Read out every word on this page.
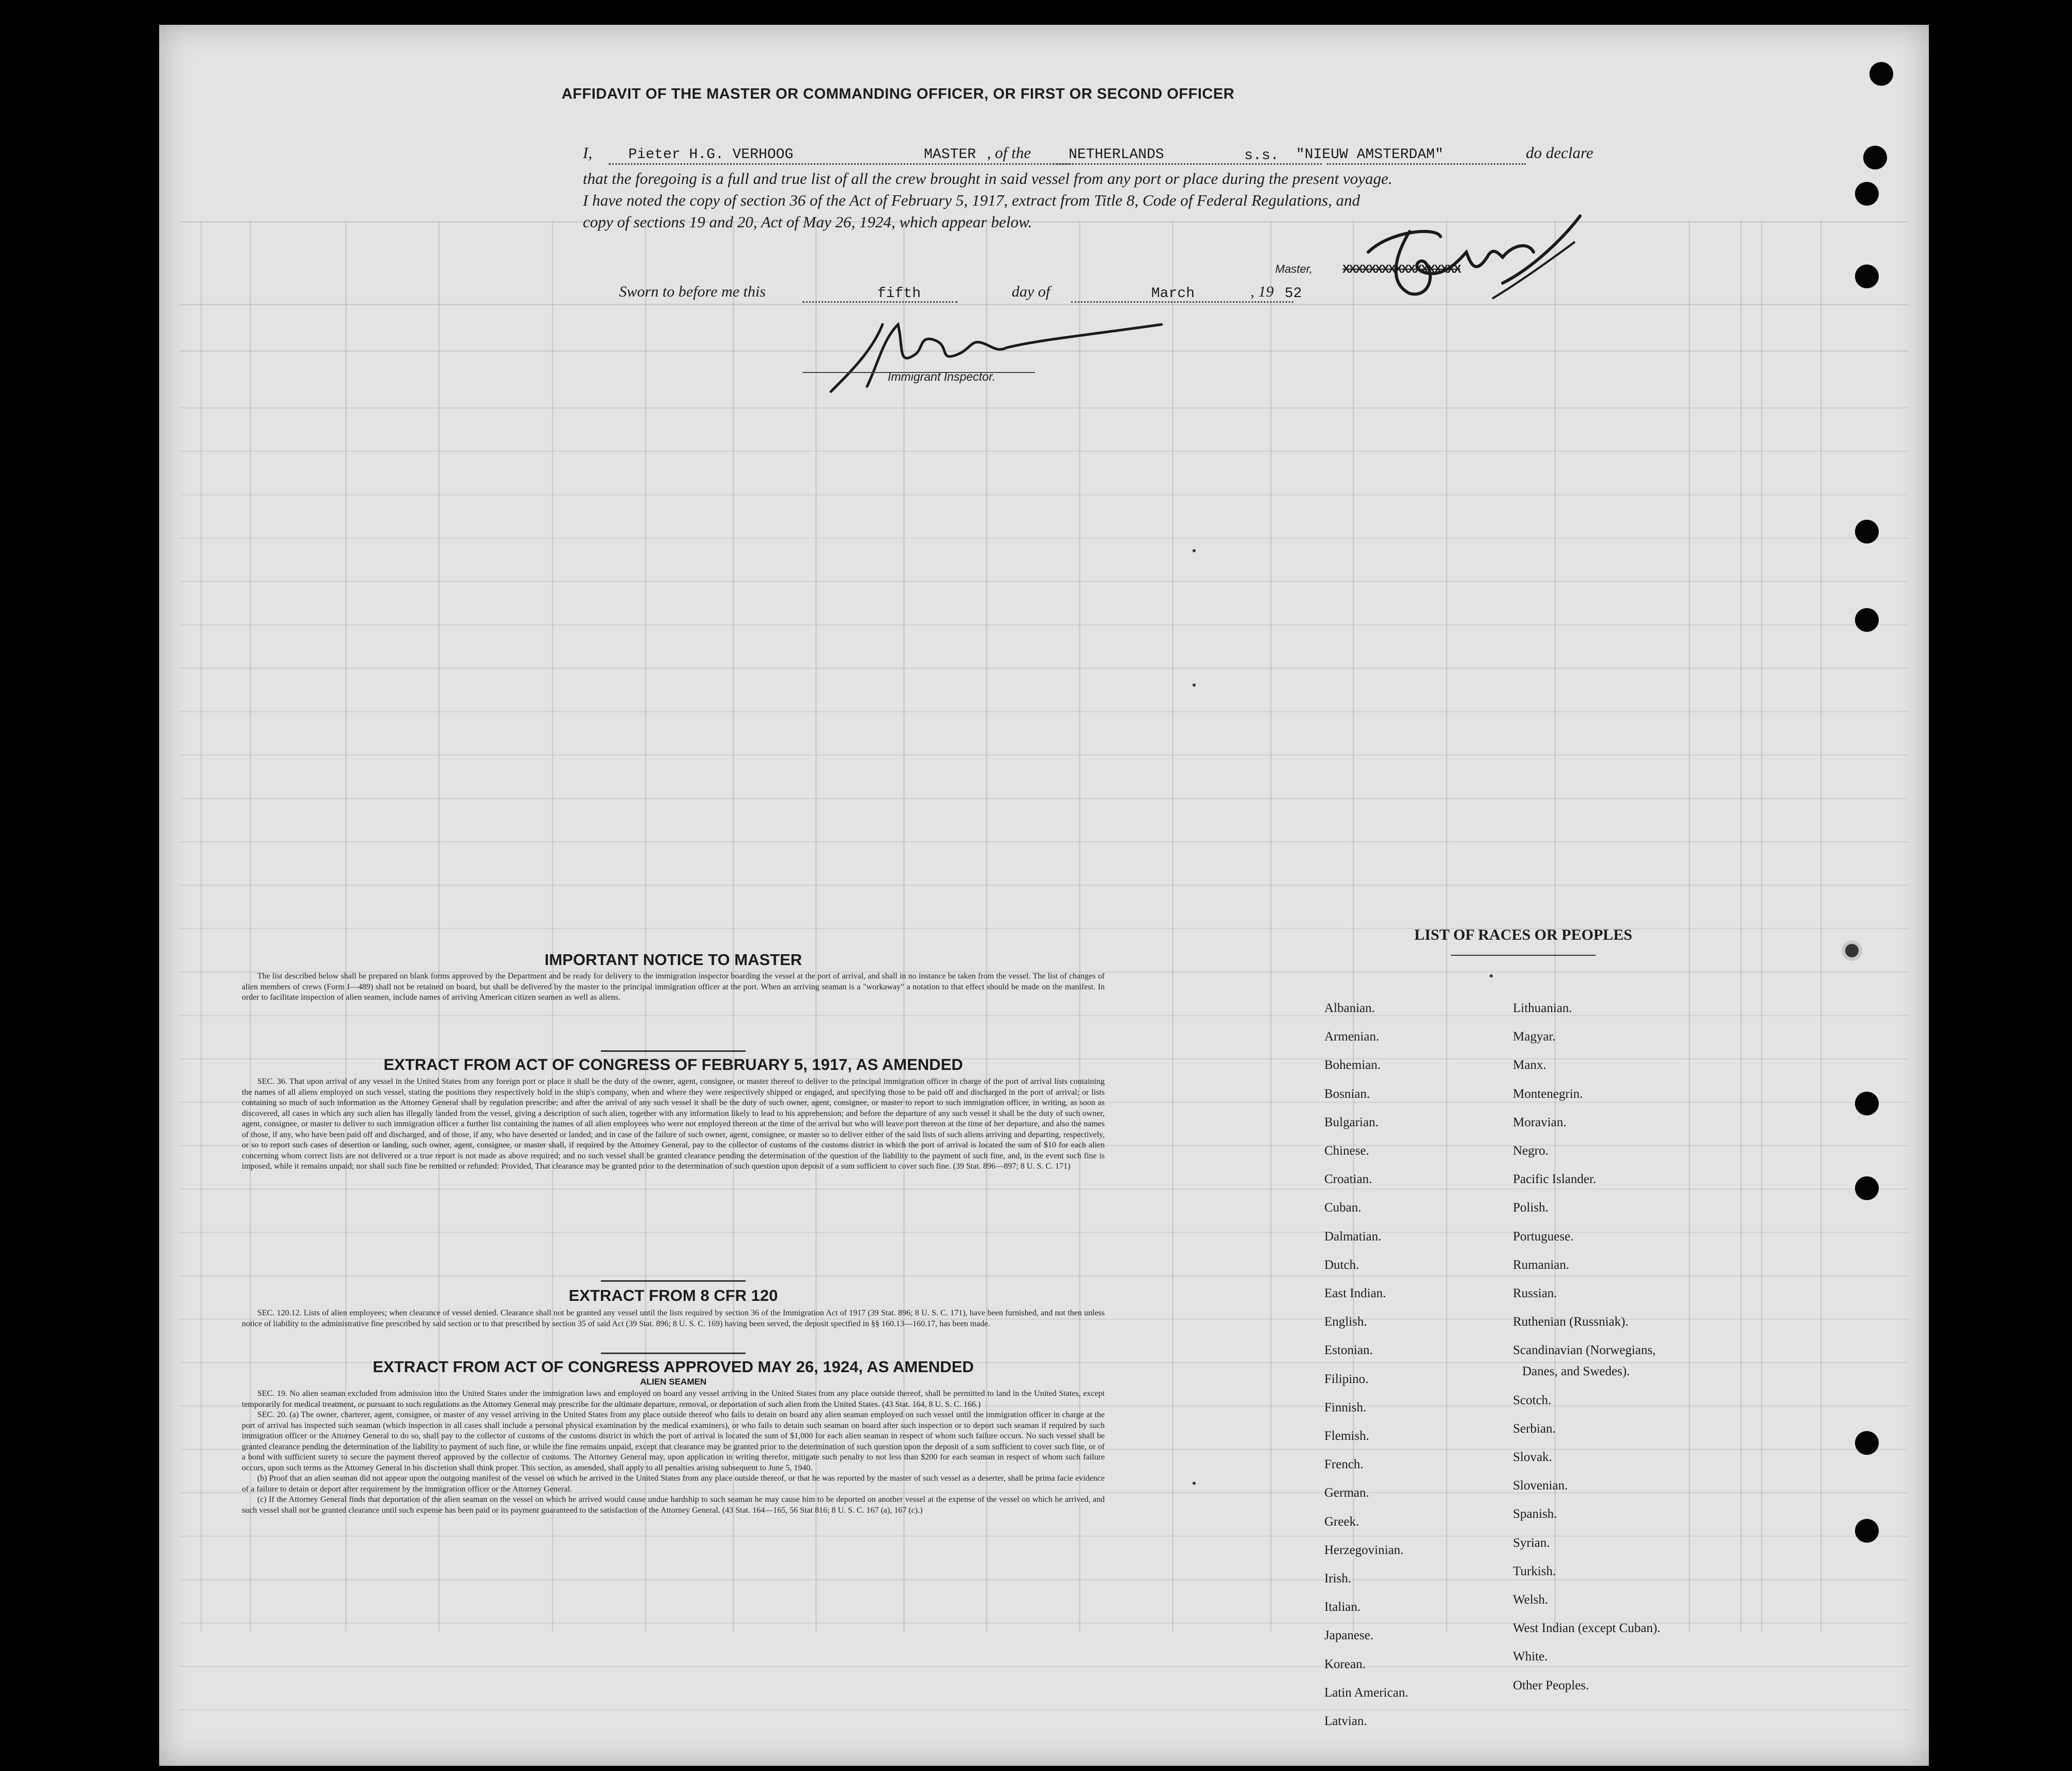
AFFIDAVIT OF THE MASTER OR COMMANDING OFFICER, OR FIRST OR SECOND OFFICER
I, Pieter H.G. VERHOOG	MASTER , of the	NETHERLANDS	s.s. "NIEUW AMSTERDAM"	do declare
that the foregoing is a full and true list of all the crew brought in said vessel from any port or place during the present voyage.
I have noted the copy of section 36 of the Act of February 5, 1917, extract from Title 8, Code of Federal Regulations, and
copy of sections 19 and 20, Act of May 26, 1924, which appear below.
Master,	XXXXXXXXXXXXXXXXXX
Sworn to before me this	fifth	day of	March	, 19 52
Immigrant Inspector.
IMPORTANT NOTICE TO MASTER

The list described below shall be prepared on blank forms approved by the Department and be ready for delivery to the immigration inspector boarding the vessel at the port of arrival, and shall in no instance be taken from the vessel. The list of changes of alien members of crews (Form I—489) shall not be retained on board, but shall be delivered by the master to the principal immigration officer at the port. When an arriving seaman is a "workaway" a notation to that effect should be made on the manifest. In order to facilitate inspection of alien seamen, include names of arriving American citizen seamen as well as aliens.

EXTRACT FROM ACT OF CONGRESS OF FEBRUARY 5, 1917, AS AMENDED

SEC. 36. That upon arrival of any vessel in the United States from any foreign port or place it shall be the duty of the owner, agent, consignee, or master thereof to deliver to the principal immigration officer in charge of the port of arrival lists containing the names of all aliens employed on such vessel, stating the positions they respectively hold in the ship's company, when and where they were respectively shipped or engaged, and specifying those to be paid off and discharged in the port of arrival; or lists containing so much of such information as the Attorney General shall by regulation prescribe; and after the arrival of any such vessel it shall be the duty of such owner, agent, consignee, or master to report to such immigration officer, in writing, as soon as discovered, all cases in which any such alien has illegally landed from the vessel, giving a description of such alien, together with any information likely to lead to his apprehension; and before the departure of any such vessel it shall be the duty of such owner, agent, consignee, or master to deliver to such immigration officer a further list containing the names of all alien employees who were not employed thereon at the time of the arrival but who will leave port thereon at the time of her departure, and also the names of those, if any, who have been paid off and discharged, and of those, if any, who have deserted or landed; and in case of the failure of such owner, agent, consignee, or master so to deliver either of the said lists of such aliens arriving and departing, respectively, or so to report such cases of desertion or landing, such owner, agent, consignee, or master shall, if required by the Attorney General, pay to the collector of customs of the customs district in which the port of arrival is located the sum of $10 for each alien concerning whom correct lists are not delivered or a true report is not made as above required; and no such vessel shall be granted clearance pending the determination of the question of the liability to the payment of such fine, and, in the event such fine is imposed, while it remains unpaid; nor shall such fine be remitted or refunded: Provided, That clearance may be granted prior to the determination of such question upon deposit of a sum sufficient to cover such fine. (39 Stat. 896—897; 8 U. S. C. 171)

EXTRACT FROM 8 CFR 120

SEC. 120.12. Lists of alien employees; when clearance of vessel denied. Clearance shall not be granted any vessel until the lists required by section 36 of the Immigration Act of 1917 (39 Stat. 896; 8 U. S. C. 171), have been furnished, and not then unless notice of liability to the administrative fine prescribed by said section or to that prescribed by section 35 of said Act (39 Stat. 896; 8 U. S. C. 169) having been served, the deposit specified in §§ 160.13—160.17, has been made.

EXTRACT FROM ACT OF CONGRESS APPROVED MAY 26, 1924, AS AMENDED
ALIEN SEAMEN

SEC. 19. No alien seaman excluded from admission into the United States under the immigration laws and employed on board any vessel arriving in the United States from any place outside thereof, shall be permitted to land in the United States, except temporarily for medical treatment, or pursuant to such regulations as the Attorney General may prescribe for the ultimate departure, removal, or deportation of such alien from the United States. (43 Stat. 164, 8 U. S. C. 166.)

SEC. 20. (a) The owner, charterer, agent, consignee, or master of any vessel arriving in the United States from any place outside thereof who fails to detain on board any alien seaman employed on such vessel until the immigration officer in charge at the port of arrival has inspected such seaman (which inspection in all cases shall include a personal physical examination by the medical examiners), or who fails to detain such seaman on board after such inspection or to deport such seaman if required by such immigration officer or the Attorney General to do so, shall pay to the collector of customs of the customs district in which the port of arrival is located the sum of $1,000 for each alien seaman in respect of whom such failure occurs. No such vessel shall be granted clearance pending the determination of the liability to payment of such fine, or while the fine remains unpaid, except that clearance may be granted prior to the determination of such question upon the deposit of a sum sufficient to cover such fine, or of a bond with sufficient surety to secure the payment thereof approved by the collector of customs. The Attorney General may, upon application in writing therefor, mitigate such penalty to not less than $200 for each seaman in respect of whom such failure occurs, upon such terms as the Attorney General in his discretion shall think proper. This section, as amended, shall apply to all penalties arising subsequent to June 5, 1940.

(b) Proof that an alien seaman did not appear upon the outgoing manifest of the vessel on which he arrived in the United States from any place outside thereof, or that he was reported by the master of such vessel as a deserter, shall be prima facie evidence of a failure to detain or deport after requirement by the immigration officer or the Attorney General.

(c) If the Attorney General finds that deportation of the alien seaman on the vessel on which he arrived would cause undue hardship to such seaman he may cause him to be deported on another vessel at the expense of the vessel on which he arrived, and such vessel shall not be granted clearance until such expense has been paid or its payment guaranteed to the satisfaction of the Attorney General. (43 Stat. 164—165, 56 Stat 816; 8 U. S. C. 167 (a), 167 (c).)

LIST OF RACES OR PEOPLES
Albanian.
Armenian.
Bohemian.
Bosnian.
Bulgarian.
Chinese.
Croatian.
Cuban.
Dalmatian.
Dutch.
East Indian.
English.
Estonian.
Filipino.
Finnish.
Flemish.
French.
German.
Greek.
Herzegovinian.
Irish.
Italian.
Japanese.
Korean.
Latin American.
Latvian.
Lithuanian.
Magyar.
Manx.
Montenegrin.
Moravian.
Negro.
Pacific Islander.
Polish.
Portuguese.
Rumanian.
Russian.
Ruthenian (Russniak).
Scandinavian (Norwegians,
Danes, and Swedes).
Scotch.
Serbian.
Slovak.
Slovenian.
Spanish.
Syrian.
Turkish.
Welsh.
West Indian (except Cuban).
White.
Other Peoples.
